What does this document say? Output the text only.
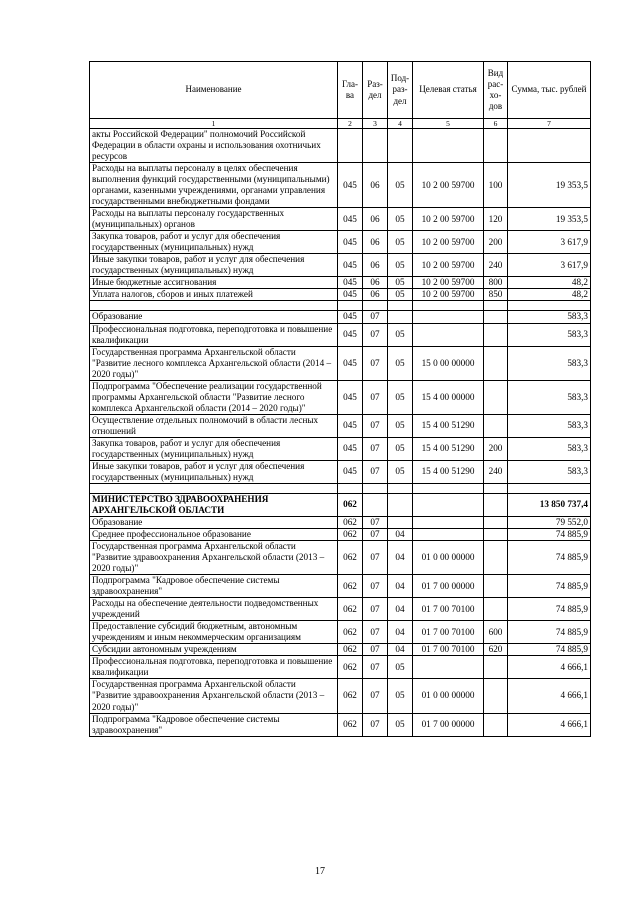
Наименование	Гла-ва	Раз-дел	Под-раз-дел	Целевая статья	Вид рас-хо-дов	Сумма, тыс. рублей
1	2	3	4	5	6	7
акты Российской Федерации" полномочий Российской Федерации в области охраны и использования охотничьих ресурсов						
Расходы на выплаты персоналу в целях обеспечения выполнения функций государственными (муниципальными) органами, казенными учреждениями, органами управления государственными внебюджетными фондами	045	06	05	10 2 00 59700	100	19 353,5
Расходы на выплаты персоналу государственных (муниципальных) органов	045	06	05	10 2 00 59700	120	19 353,5
Закупка товаров, работ и услуг для обеспечения государственных (муниципальных) нужд	045	06	05	10 2 00 59700	200	3 617,9
Иные закупки товаров, работ и услуг для обеспечения государственных (муниципальных) нужд	045	06	05	10 2 00 59700	240	3 617,9
Иные бюджетные ассигнования	045	06	05	10 2 00 59700	800	48,2
Уплата налогов, сборов и иных платежей	045	06	05	10 2 00 59700	850	48,2

Образование	045	07				583,3
Профессиональная подготовка, переподготовка и повышение квалификации	045	07	05			583,3
Государственная программа Архангельской области "Развитие лесного комплекса Архангельской области (2014 – 2020 годы)"	045	07	05	15 0 00 00000		583,3
Подпрограмма "Обеспечение реализации государственной программы Архангельской области "Развитие лесного комплекса Архангельской области (2014 – 2020 годы)"	045	07	05	15 4 00 00000		583,3
Осуществление отдельных полномочий в области лесных отношений	045	07	05	15 4 00 51290		583,3
Закупка товаров, работ и услуг для обеспечения государственных (муниципальных) нужд	045	07	05	15 4 00 51290	200	583,3
Иные закупки товаров, работ и услуг для обеспечения государственных (муниципальных) нужд	045	07	05	15 4 00 51290	240	583,3

МИНИСТЕРСТВО ЗДРАВООХРАНЕНИЯ АРХАНГЕЛЬСКОЙ ОБЛАСТИ	062					13 850 737,4
Образование	062	07				79 552,0
Среднее профессиональное образование	062	07	04			74 885,9
Государственная программа Архангельской области "Развитие здравоохранения Архангельской области (2013 – 2020 годы)"	062	07	04	01 0 00 00000		74 885,9
Подпрограмма "Кадровое обеспечение системы здравоохранения"	062	07	04	01 7 00 00000		74 885,9
Расходы на обеспечение деятельности подведомственных учреждений	062	07	04	01 7 00 70100		74 885,9
Предоставление субсидий бюджетным, автономным учреждениям и иным некоммерческим организациям	062	07	04	01 7 00 70100	600	74 885,9
Субсидии автономным учреждениям	062	07	04	01 7 00 70100	620	74 885,9
Профессиональная подготовка, переподготовка и повышение квалификации	062	07	05			4 666,1
Государственная программа Архангельской области "Развитие здравоохранения Архангельской области (2013 – 2020 годы)"	062	07	05	01 0 00 00000		4 666,1
Подпрограмма "Кадровое обеспечение системы здравоохранения"	062	07	05	01 7 00 00000		4 666,1
17
